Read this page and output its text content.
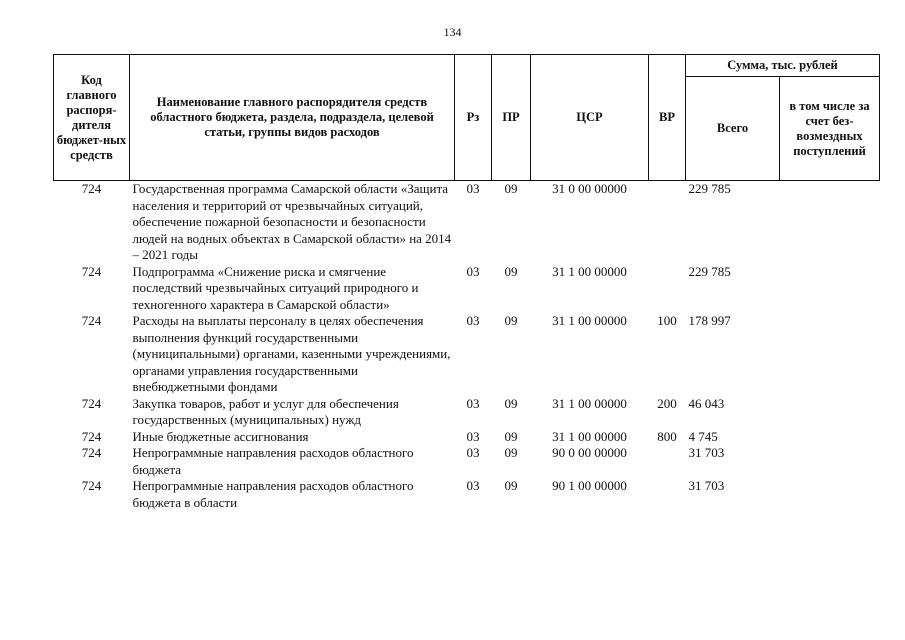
134
Код главного распоря-дителя бюджет-ных средств	Наименование главного распорядителя средств областного бюджета, раздела, подраздела, целевой статьи, группы видов расходов	Рз	ПР	ЦСР	ВР	Сумма, тыс. рублей	
						Всего	в том числе за счет без-возмездных поступлений
724	Государственная программа Самарской области «Защита населения и территорий от чрезвычайных ситуаций, обеспечение пожарной безопасности и безопасности людей на водных объектах в Самарской области» на 2014 – 2021 годы	03	09	31 0 00 00000		229 785	
724	Подпрограмма «Снижение риска и смягчение последствий чрезвычайных ситуаций природного и техногенного характера в Самарской области»	03	09	31 1 00 00000		229 785	
724	Расходы на выплаты персоналу в целях обеспечения выполнения функций государственными (муниципальными) органами, казенными учреждениями, органами управления государственными внебюджетными фондами	03	09	31 1 00 00000	100	178 997	
724	Закупка товаров, работ и услуг для обеспечения государственных (муниципальных) нужд	03	09	31 1 00 00000	200	46 043	
724	Иные бюджетные ассигнования	03	09	31 1 00 00000	800	4 745	
724	Непрограммные направления расходов областного бюджета	03	09	90 0 00 00000		31 703	
724	Непрограммные направления расходов областного бюджета в области	03	09	90 1 00 00000		31 703	
